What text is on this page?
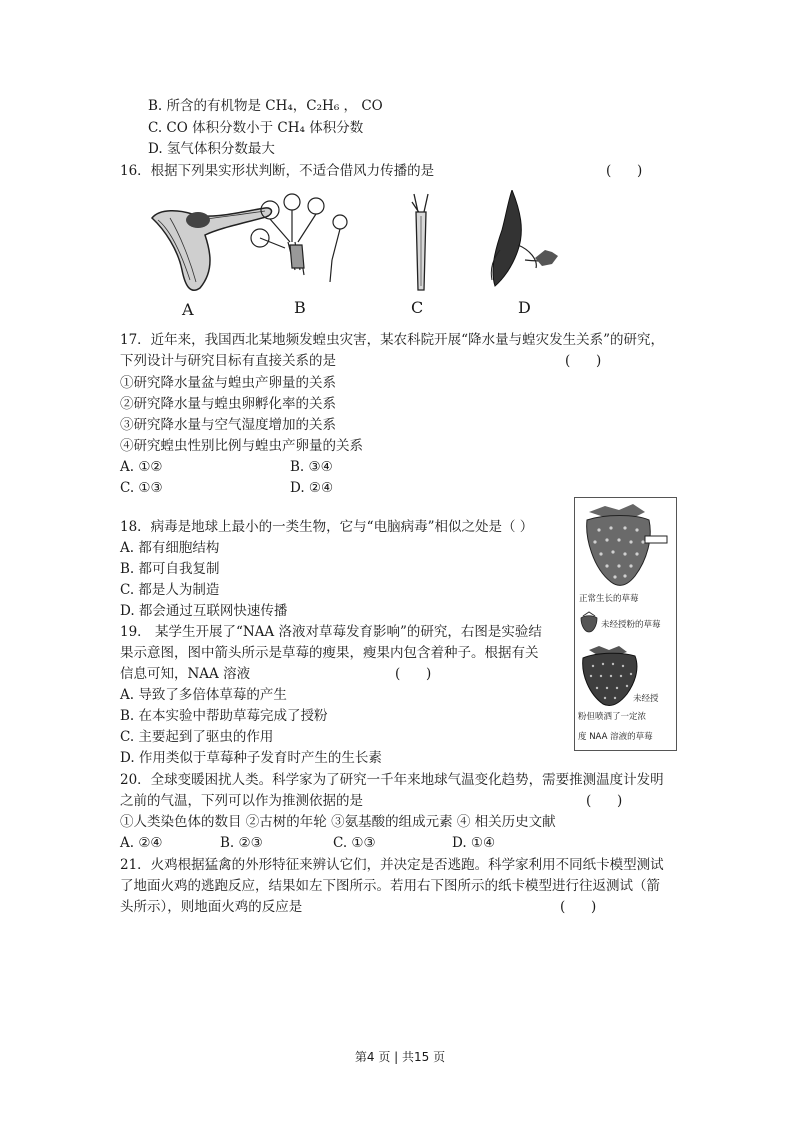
B. 所含的有机物是 CH₄，C₂H₆ ， CO
C. CO 体积分数小于 CH₄ 体积分数
D. 氢气体积分数最大
16．根据下列果实形状判断，不适合借风力传播的是	(      )
A	B	C	D
17．近年来，我国西北某地频发蝗虫灾害，某农科院开展“降水量与蝗灾发生关系”的研究，
下列设计与研究目标有直接关系的是	(      )
①研究降水量盆与蝗虫产卵量的关系
②研究降水量与蝗虫卵孵化率的关系
③研究降水量与空气湿度增加的关系
④研究蝗虫性别比例与蝗虫产卵量的关系
A. ①②	B. ③④
C. ①③	D. ②④
18．病毒是地球上最小的一类生物，它与“电脑病毒”相似之处是（ ）
A. 都有细胞结构
B. 都可自我复制
C. 都是人为制造
D. 都会通过互联网快速传播
19． 某学生开展了“NAA 洛液对草莓发育影响”的研究，右图是实验结
果示意图，图中箭头所示是草莓的瘦果，瘦果内包含着种子。根据有关
信息可知，NAA 溶液	(      )
A. 导致了多倍体草莓的产生
B. 在本实验中帮助草莓完成了授粉
C. 主要起到了驱虫的作用
D. 作用类似于草莓种子发育时产生的生长素
正常生长的草莓
未经授粉的草莓
未经授
粉但喷洒了一定浓
度 NAA 溶液的草莓
20．全球变暖困扰人类。科学家为了研究一千年来地球气温变化趋势，需要推测温度计发明
之前的气温，下列可以作为推测依据的是	(      )
①人类染色体的数目 ②古树的年轮 ③氨基酸的组成元素 ④ 相关历史文献
A. ②④	B. ②③	C. ①③	D. ①④
21．火鸡根据猛禽的外形特征来辨认它们，并决定是否逃跑。科学家利用不同纸卡模型测试
了地面火鸡的逃跑反应，结果如左下图所示。若用右下图所示的纸卡模型进行往返测试（箭
头所示），则地面火鸡的反应是	(      )
第4 页 | 共15 页
